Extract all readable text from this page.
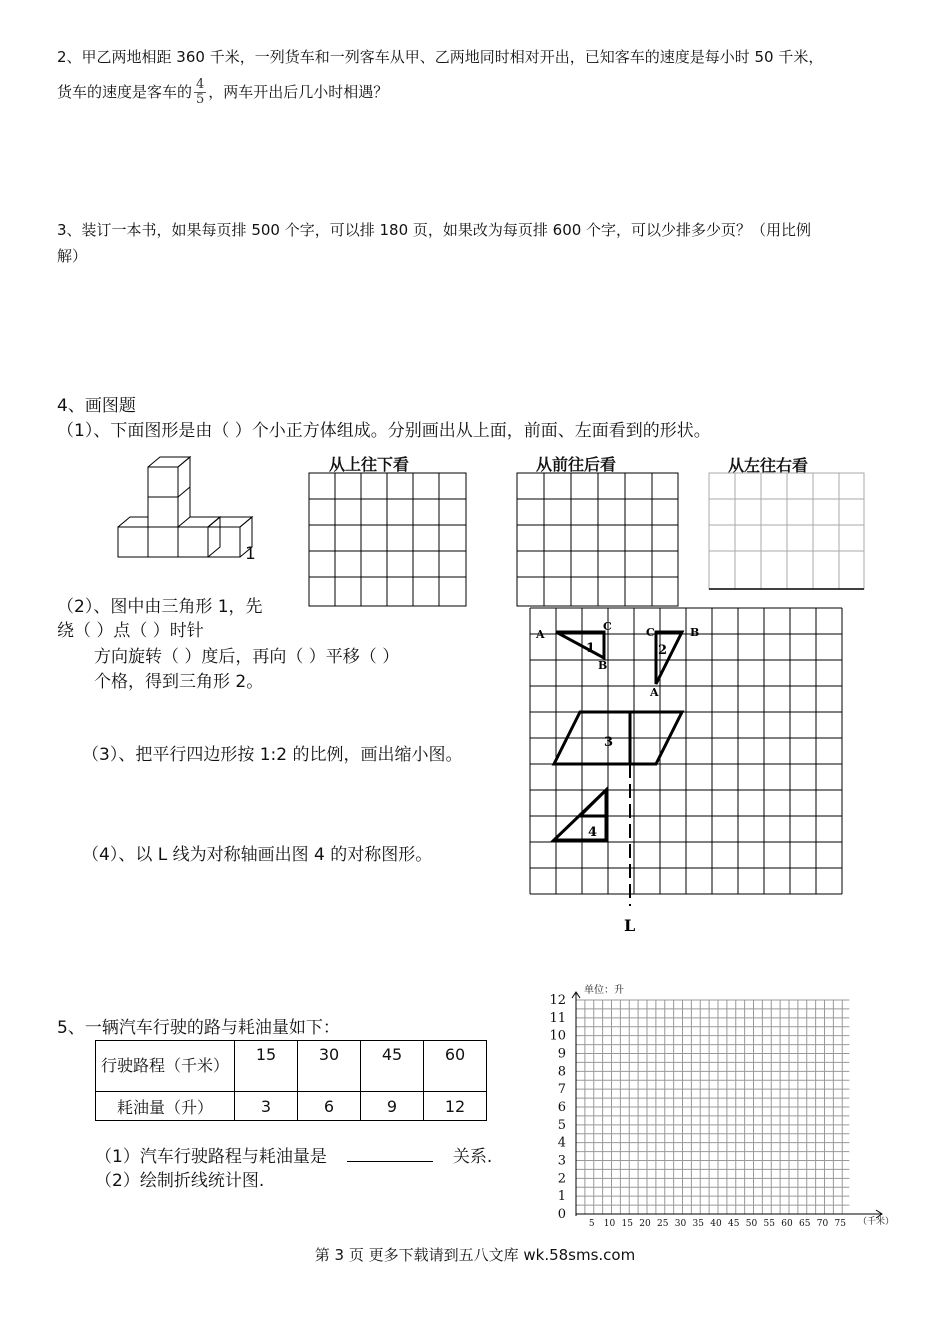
2、甲乙两地相距 360 千米，一列货车和一列客车从甲、乙两地同时相对开出，已知客车的速度是每小时 50 千米，
货车的速度是客车的 $\frac{4}{5}$ ，两车开出后几小时相遇？
3、装订一本书，如果每页排 500 个字，可以排 180 页，如果改为每页排 600 个字，可以少排多少页？（用比例
解）
4、画图题
（1）、下面图形是由（ ）个小正方体组成。分别画出从上面，前面、左面看到的形状。
1
从上往下看	从前往后看	从左往右看
（2）、图中由三角形 1，先
绕（ ）点（ ）时针
方向旋转（ ）度后，再向（ ）平移（ ）
个格，得到三角形 2。
（3）、把平行四边形按 1:2 的比例，画出缩小图。
（4）、以 L 线为对称轴画出图 4 的对称图形。
A
C
B
1
C	B
A
2
3
4
L
5、一辆汽车行驶的路与耗油量如下：
行驶路程（千米）	15	30	45	60
耗油量（升）	3	6	9	12
（1）汽车行驶路程与耗油量是	关系.
（2）绘制折线统计图.
0
1
2
3
4
5
6
7
8
9
10
11
12
5 10 15 20 25 30 35 40 45 50 55 60 65 70 75
单位：升
（千米）
第 3 页 更多下载请到五八文库 wk.58sms.com
